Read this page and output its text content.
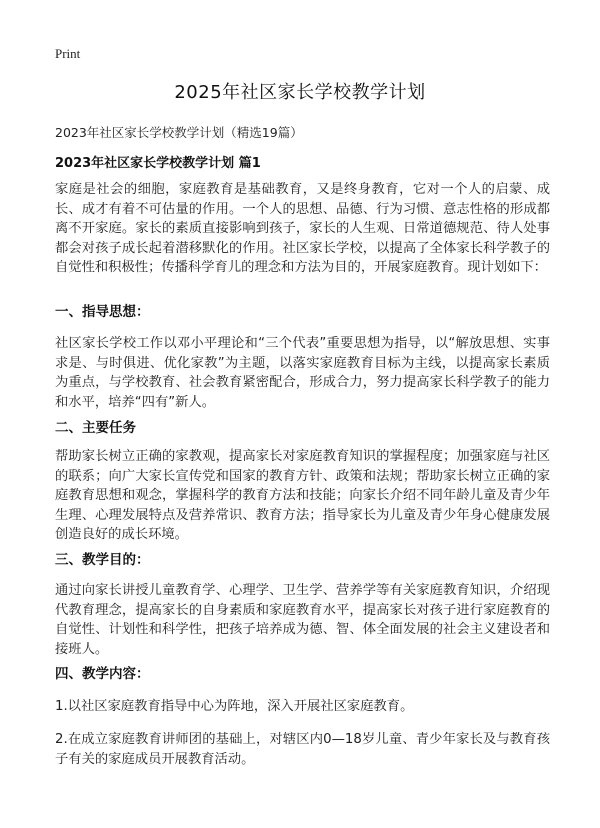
Print
2025年社区家长学校教学计划
2023年社区家长学校教学计划（精选19篇）
2023年社区家长学校教学计划 篇1
家庭是社会的细胞，家庭教育是基础教育，又是终身教育，它对一个人的启蒙、成长、成才有着不可估量的作用。一个人的思想、品德、行为习惯、意志性格的形成都离不开家庭。家长的素质直接影响到孩子，家长的人生观、日常道德规范、待人处事都会对孩子成长起着潜移默化的作用。社区家长学校，以提高了全体家长科学教子的自觉性和积极性；传播科学育儿的理念和方法为目的，开展家庭教育。现计划如下：
一、指导思想：
社区家长学校工作以邓小平理论和“三个代表”重要思想为指导，以“解放思想、实事求是、与时俱进、优化家教”为主题，以落实家庭教育目标为主线，以提高家长素质为重点，与学校教育、社会教育紧密配合，形成合力，努力提高家长科学教子的能力和水平，培养“四有”新人。
二、主要任务
帮助家长树立正确的家教观，提高家长对家庭教育知识的掌握程度；加强家庭与社区的联系；向广大家长宣传党和国家的教育方针、政策和法规；帮助家长树立正确的家庭教育思想和观念，掌握科学的教育方法和技能；向家长介绍不同年龄儿童及青少年生理、心理发展特点及营养常识、教育方法；指导家长为儿童及青少年身心健康发展创造良好的成长环境。
三、教学目的：
通过向家长讲授儿童教育学、心理学、卫生学、营养学等有关家庭教育知识，介绍现代教育理念，提高家长的自身素质和家庭教育水平，提高家长对孩子进行家庭教育的自觉性、计划性和科学性，把孩子培养成为德、智、体全面发展的社会主义建设者和接班人。
四、教学内容：
1.以社区家庭教育指导中心为阵地，深入开展社区家庭教育。
2.在成立家庭教育讲师团的基础上，对辖区内0—18岁儿童、青少年家长及与教育孩子有关的家庭成员开展教育活动。
